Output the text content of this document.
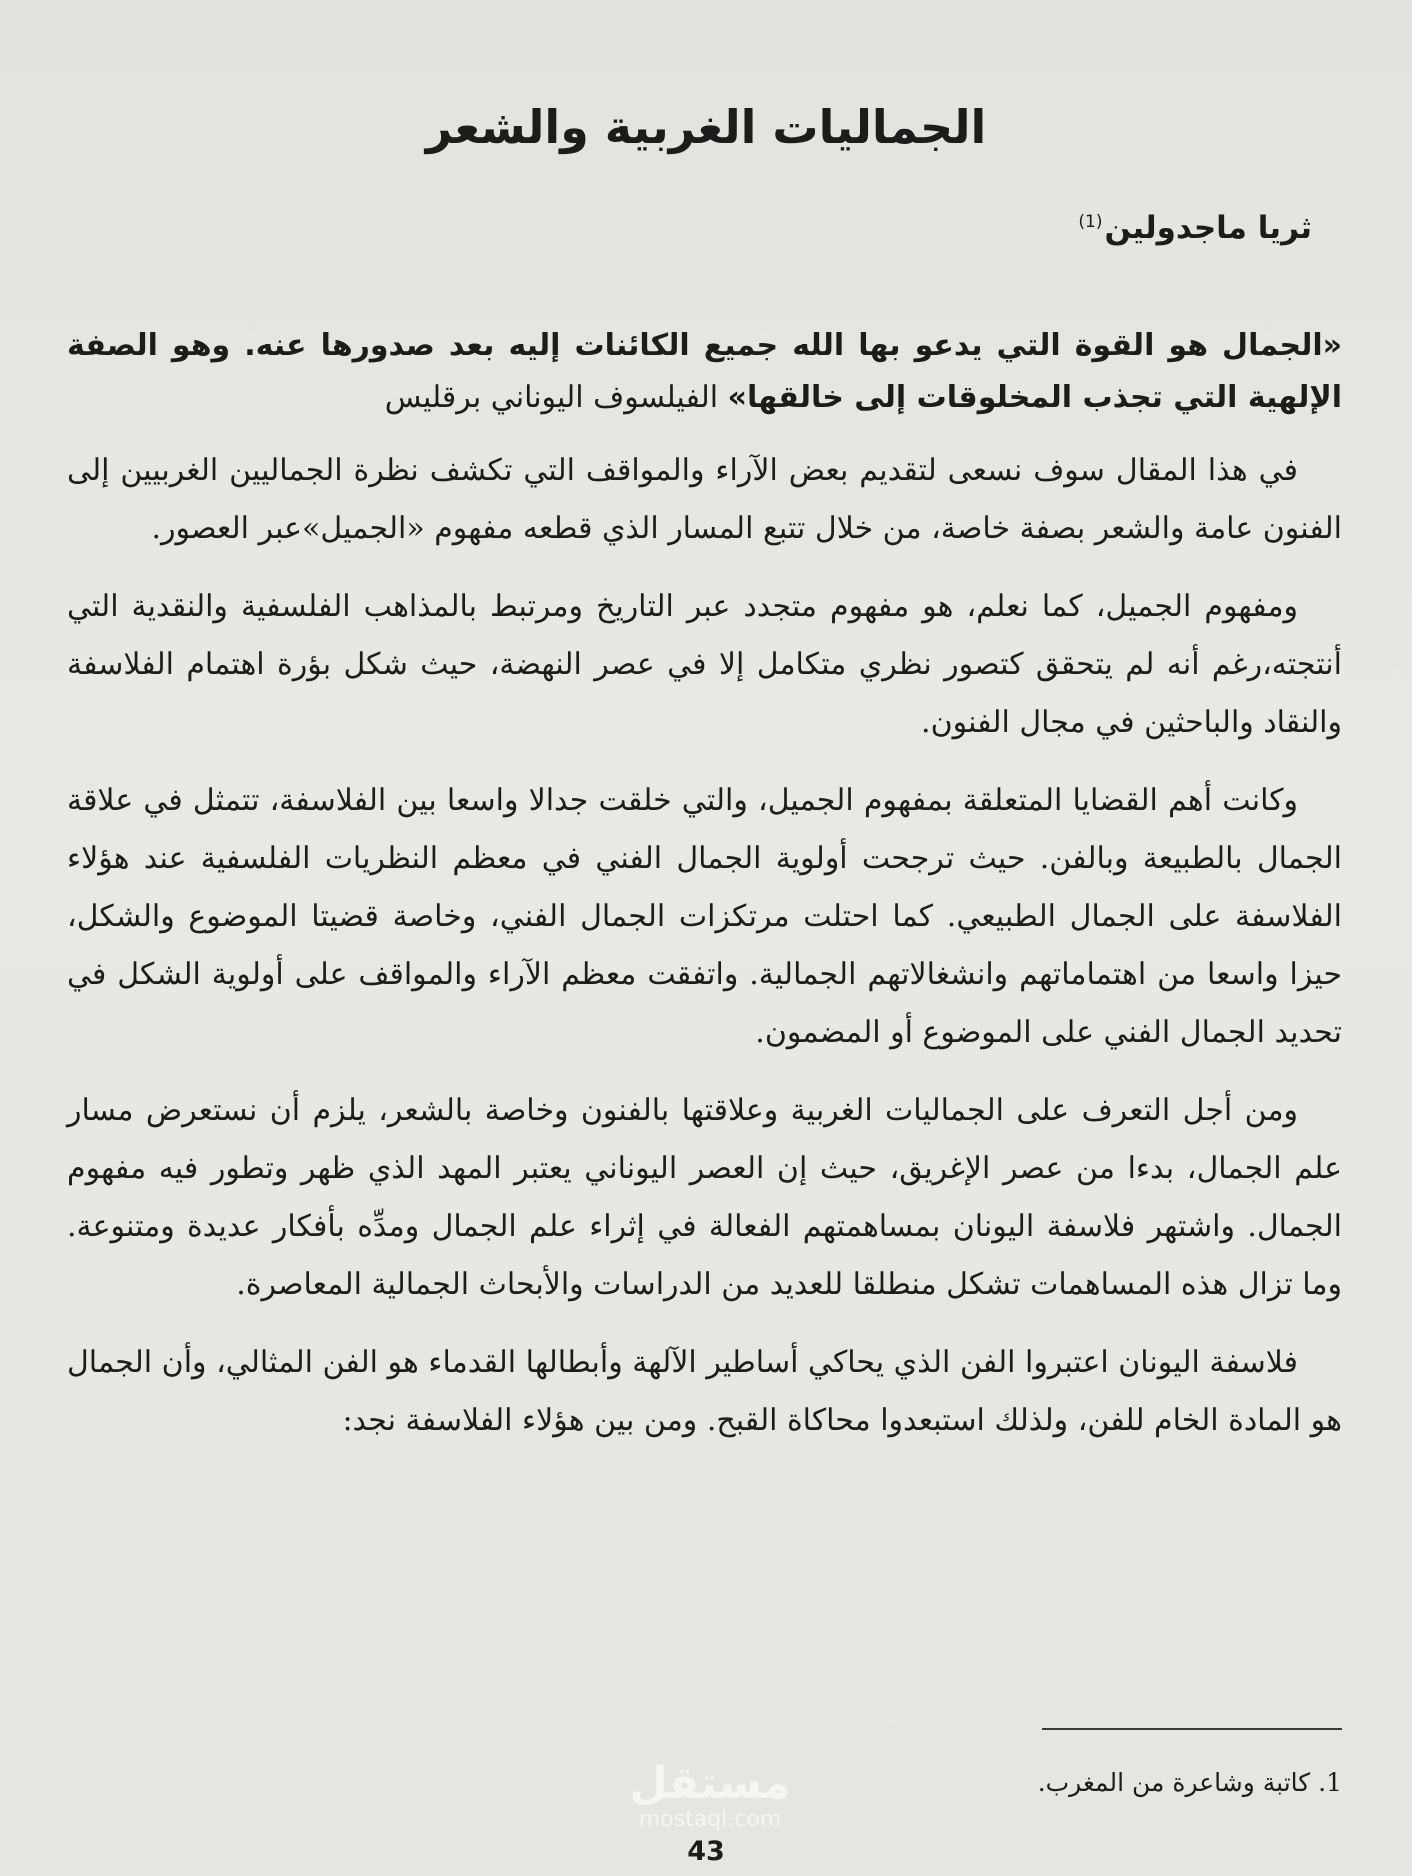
الجماليات الغربية والشعر
ثريا ماجدولين$^{(1)}$

«الجمال هو القوة التي يدعو بها الله جميع الكائنات إليه بعد صدورها عنه. وهو الصفة الإلهية التي تجذب المخلوقات إلى خالقها» الفيلسوف اليوناني برقليس

في هذا المقال سوف نسعى لتقديم بعض الآراء والمواقف التي تكشف نظرة الجماليين الغربيين إلى الفنون عامة والشعر بصفة خاصة، من خلال تتبع المسار الذي قطعه مفهوم «الجميل»عبر العصور.

ومفهوم الجميل، كما نعلم، هو مفهوم متجدد عبر التاريخ ومرتبط بالمذاهب الفلسفية والنقدية التي أنتجته،رغم أنه لم يتحقق كتصور نظري متكامل إلا في عصر النهضة، حيث شكل بؤرة اهتمام الفلاسفة والنقاد والباحثين في مجال الفنون.

وكانت أهم القضايا المتعلقة بمفهوم الجميل، والتي خلقت جدالا واسعا بين الفلاسفة، تتمثل في علاقة الجمال بالطبيعة وبالفن. حيث ترجحت أولوية الجمال الفني في معظم النظريات الفلسفية عند هؤلاء الفلاسفة على الجمال الطبيعي. كما احتلت مرتكزات الجمال الفني، وخاصة قضيتا الموضوع والشكل، حيزا واسعا من اهتماماتهم وانشغالاتهم الجمالية. واتفقت معظم الآراء والمواقف على أولوية الشكل في تحديد الجمال الفني على الموضوع أو المضمون.

ومن أجل التعرف على الجماليات الغربية وعلاقتها بالفنون وخاصة بالشعر، يلزم أن نستعرض مسار علم الجمال، بدءا من عصر الإغريق، حيث إن العصر اليوناني يعتبر المهد الذي ظهر وتطور فيه مفهوم الجمال. واشتهر فلاسفة اليونان بمساهمتهم الفعالة في إثراء علم الجمال ومدِّه بأفكار عديدة ومتنوعة. وما تزال هذه المساهمات تشكل منطلقا للعديد من الدراسات والأبحاث الجمالية المعاصرة.

فلاسفة اليونان اعتبروا الفن الذي يحاكي أساطير الآلهة وأبطالها القدماء هو الفن المثالي، وأن الجمال هو المادة الخام للفن، ولذلك استبعدوا محاكاة القبح. ومن بين هؤلاء الفلاسفة نجد:

1. كاتبة وشاعرة من المغرب.
مستقل
mostaql.com
43
